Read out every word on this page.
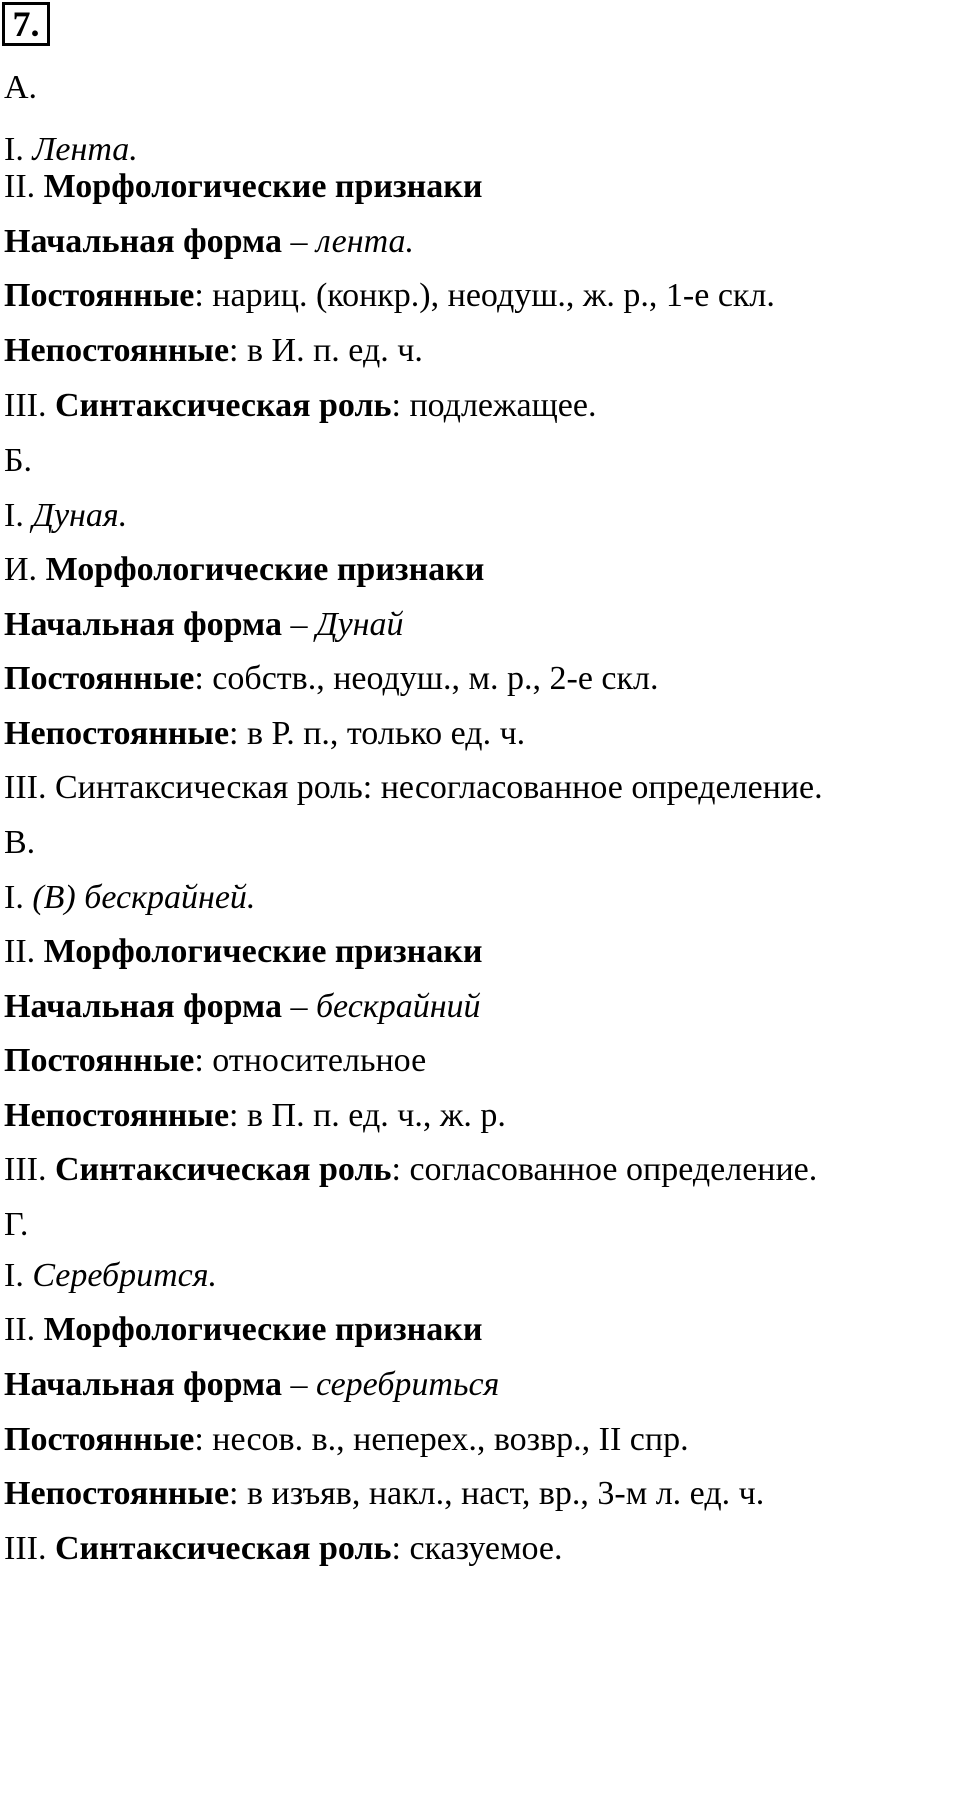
7.
А.
I. Лента.
II. Морфологические признаки
Начальная форма – лента.
Постоянные: нариц. (конкр.), неодуш., ж. р., 1-е скл.
Непостоянные: в И. п. ед. ч.
III. Синтаксическая роль: подлежащее.
Б.
I. Дуная.
И. Морфологические признаки
Начальная форма – Дунай
Постоянные: собств., неодуш., м. р., 2-е скл.
Непостоянные: в Р. п., только ед. ч.
III. Синтаксическая роль: несогласованное определение.
В.
I. (В) бескрайней.
II. Морфологические признаки
Начальная форма – бескрайний
Постоянные: относительное
Непостоянные: в П. п. ед. ч., ж. р.
III. Синтаксическая роль: согласованное определение.
Г.
I. Серебрится.
II. Морфологические признаки
Начальная форма – серебриться
Постоянные: несов. в., неперех., возвр., II спр.
Непостоянные: в изъяв, накл., наст, вр., 3-м л. ед. ч.
III. Синтаксическая роль: сказуемое.
